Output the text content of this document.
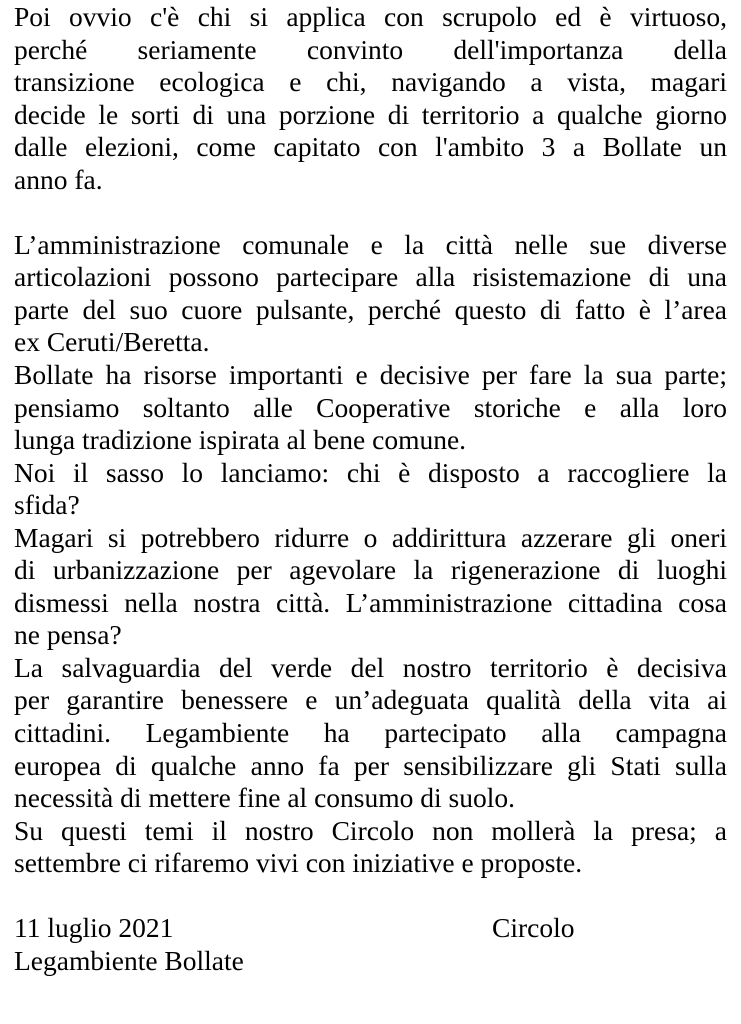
Poi ovvio c'è chi si applica con scrupolo ed è virtuoso,
perché seriamente convinto dell'importanza della
transizione ecologica e chi, navigando a vista, magari
decide le sorti di una porzione di territorio a qualche giorno
dalle elezioni, come capitato con l'ambito 3 a Bollate un
anno fa.
L’amministrazione comunale e la città nelle sue diverse
articolazioni possono partecipare alla risistemazione di una
parte del suo cuore pulsante, perché questo di fatto è l’area
ex Ceruti/Beretta.
Bollate ha risorse importanti e decisive per fare la sua parte;
pensiamo soltanto alle Cooperative storiche e alla loro
lunga tradizione ispirata al bene comune.
Noi il sasso lo lanciamo: chi è disposto a raccogliere la
sfida?
Magari si potrebbero ridurre o addirittura azzerare gli oneri
di urbanizzazione per agevolare la rigenerazione di luoghi
dismessi nella nostra città. L’amministrazione cittadina cosa
ne pensa?
La salvaguardia del verde del nostro territorio è decisiva
per garantire benessere e un’adeguata qualità della vita ai
cittadini. Legambiente ha partecipato alla campagna
europea di qualche anno fa per sensibilizzare gli Stati sulla
necessità di mettere fine al consumo di suolo.
Su questi temi il nostro Circolo non mollerà la presa; a
settembre ci rifaremo vivi con iniziative e proposte.
11 luglio 2021	Circolo
Legambiente Bollate
